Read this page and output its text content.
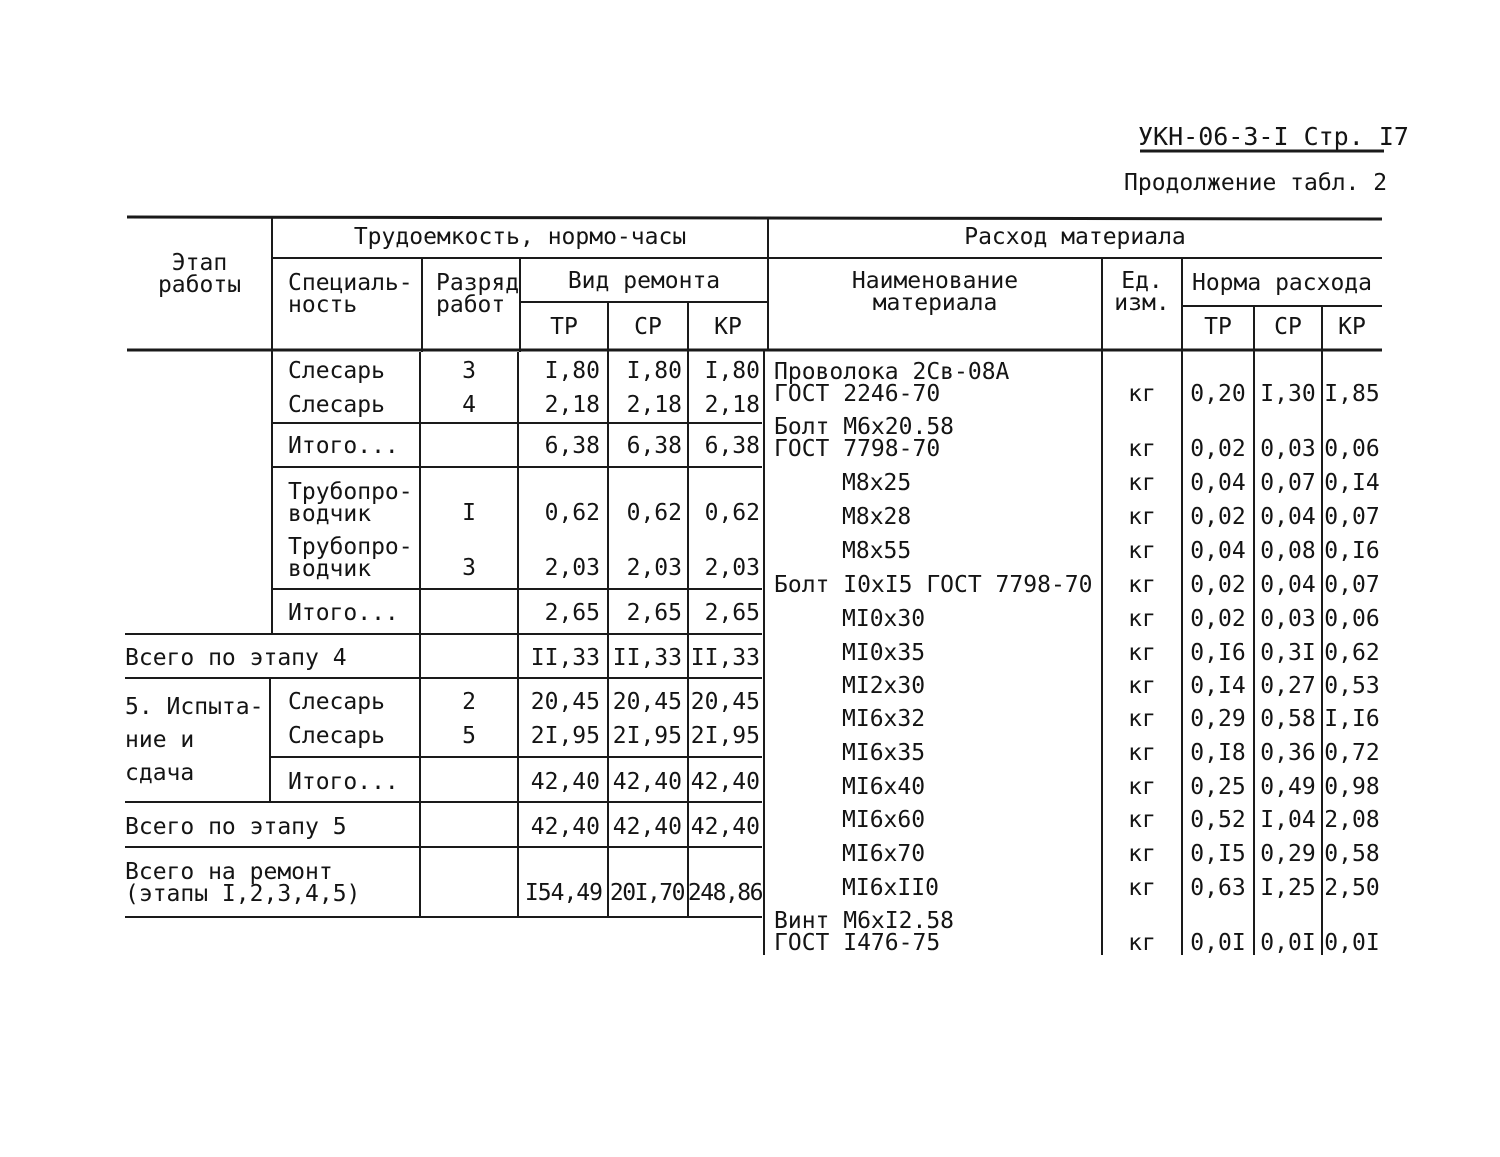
УКН-06-3-I Стр. I7
Продолжение табл. 2
Трудоемкость, нормо-часы
Этап
работы	Специаль-
ность
Разряд
работ
Вид ремонта
ТР	СР	КР
Расход материала
Наименование
материала
Ед.
изм.
Норма расхода
ТР	СР	КР
Слесарь	3	I,80	I,80 I,80
Слесарь	4	2,18	2,18 2,18
Итого...	6,38	6,38 6,38
Трубопро-
водчик	I	0,62	0,62 0,62
Трубопро-
водчик	3	2,03	2,03 2,03
Итого...	2,65	2,65 2,65
Всего по этапу 4	II,33 II,33 II,33
5. Испыта-
ние и
сдача
Слесарь	2	20,45 20,45 20,45
Слесарь	5	2I,95 2I,95 2I,95
Итого...	42,40 42,40 42,40
Всего по этапу 5	42,40 42,40 42,40
Всего на ремонт
(этапы I,2,3,4,5)	I54,49 20I,70 248,86
Проволока 2Св-08А
ГОСТ 2246-70	кг	0,20 I,30 I,85
Болт М6х20.58
ГОСТ 7798-70	кг	0,02 0,03 0,06
М8х25	кг	0,04 0,07 0,I4
М8х28	кг	0,02 0,04 0,07
М8х55	кг	0,04 0,08 0,I6
Болт I0хI5 ГОСТ 7798-70	кг	0,02 0,04 0,07
МI0х30	кг	0,02 0,03 0,06
МI0х35	кг	0,I6 0,3I 0,62
МI2х30	кг	0,I4 0,27 0,53
МI6х32	кг	0,29 0,58 I,I6
МI6х35	кг	0,I8 0,36 0,72
МI6х40	кг	0,25 0,49 0,98
МI6х60	кг	0,52 I,04 2,08
МI6х70	кг	0,I5 0,29 0,58
МI6хII0	кг	0,63 I,25 2,50
Винт М6хI2.58
ГОСТ I476-75	кг	0,0I 0,0I 0,0I
